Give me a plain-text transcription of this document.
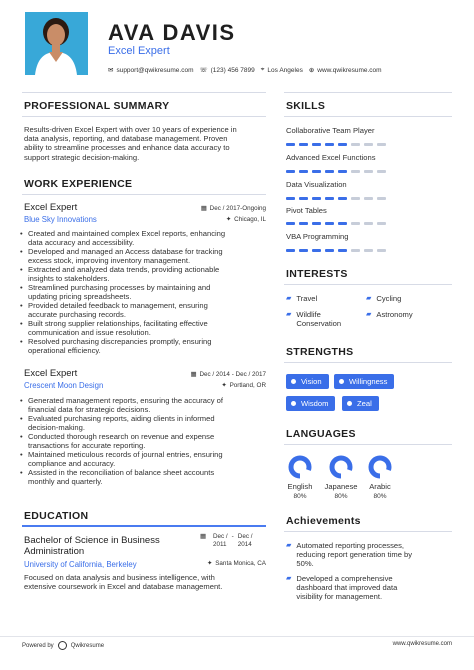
AVA DAVIS
Excel Expert
✉ support@qwikresume.com ☏ (123) 456 7899 ⌖ Los Angeles ⊕ www.qwikresume.com
PROFESSIONAL SUMMARY
Results-driven Excel Expert with over 10 years of experience in
data analysis, reporting, and database management. Proven
ability to streamline processes and enhance data accuracy to
support strategic decision-making.
WORK EXPERIENCE
Excel Expert
Blue Sky Innovations
▦ Dec / 2017-Ongoing
✦ Chicago, IL
• Created and maintained complex Excel reports, enhancing
data accuracy and accessibility.
• Developed and managed an Access database for tracking
excess stock, improving inventory management.
• Extracted and analyzed data trends, providing actionable
insights to stakeholders.
• Streamlined purchasing processes by maintaining and
updating pricing spreadsheets.
• Provided detailed feedback to management, ensuring
accurate purchasing records.
• Built strong supplier relationships, facilitating effective
communication and issue resolution.
• Resolved purchasing discrepancies promptly, ensuring
operational efficiency.
Excel Expert
Crescent Moon Design
▦ Dec / 2014 - Dec / 2017
✦ Portland, OR
• Generated management reports, ensuring the accuracy of
financial data for strategic decisions.
• Evaluated purchasing reports, aiding clients in informed
decision-making.
• Conducted thorough research on revenue and expense
transactions for accurate reporting.
• Maintained meticulous records of journal entries, ensuring
compliance and accuracy.
• Assisted in the reconciliation of balance sheet accounts
monthly and quarterly.
EDUCATION
Bachelor of Science in Business
Administration
University of California, Berkeley
▦ Dec /
2011
- Dec /
2014
✦ Santa Monica, CA
Focused on data analysis and business intelligence, with
extensive coursework in Excel and database management.
SKILLS
Collaborative Team Player
Advanced Excel Functions
Data Visualization
Pivot Tables
VBA Programming
INTERESTS
▰ Travel	▰ Cycling
▰ Wildlife
Conservation
▰ Astronomy
STRENGTHS
Vision	Willingness
Wisdom	Zeal
LANGUAGES
English
80%
Japanese
80%
Arabic
80%
Achievements
▰ Automated reporting processes,
reducing report generation time by
50%.
▰ Developed a comprehensive
dashboard that improved data
visibility for management.
Powered by	Qwikresume	www.qwikresume.com
